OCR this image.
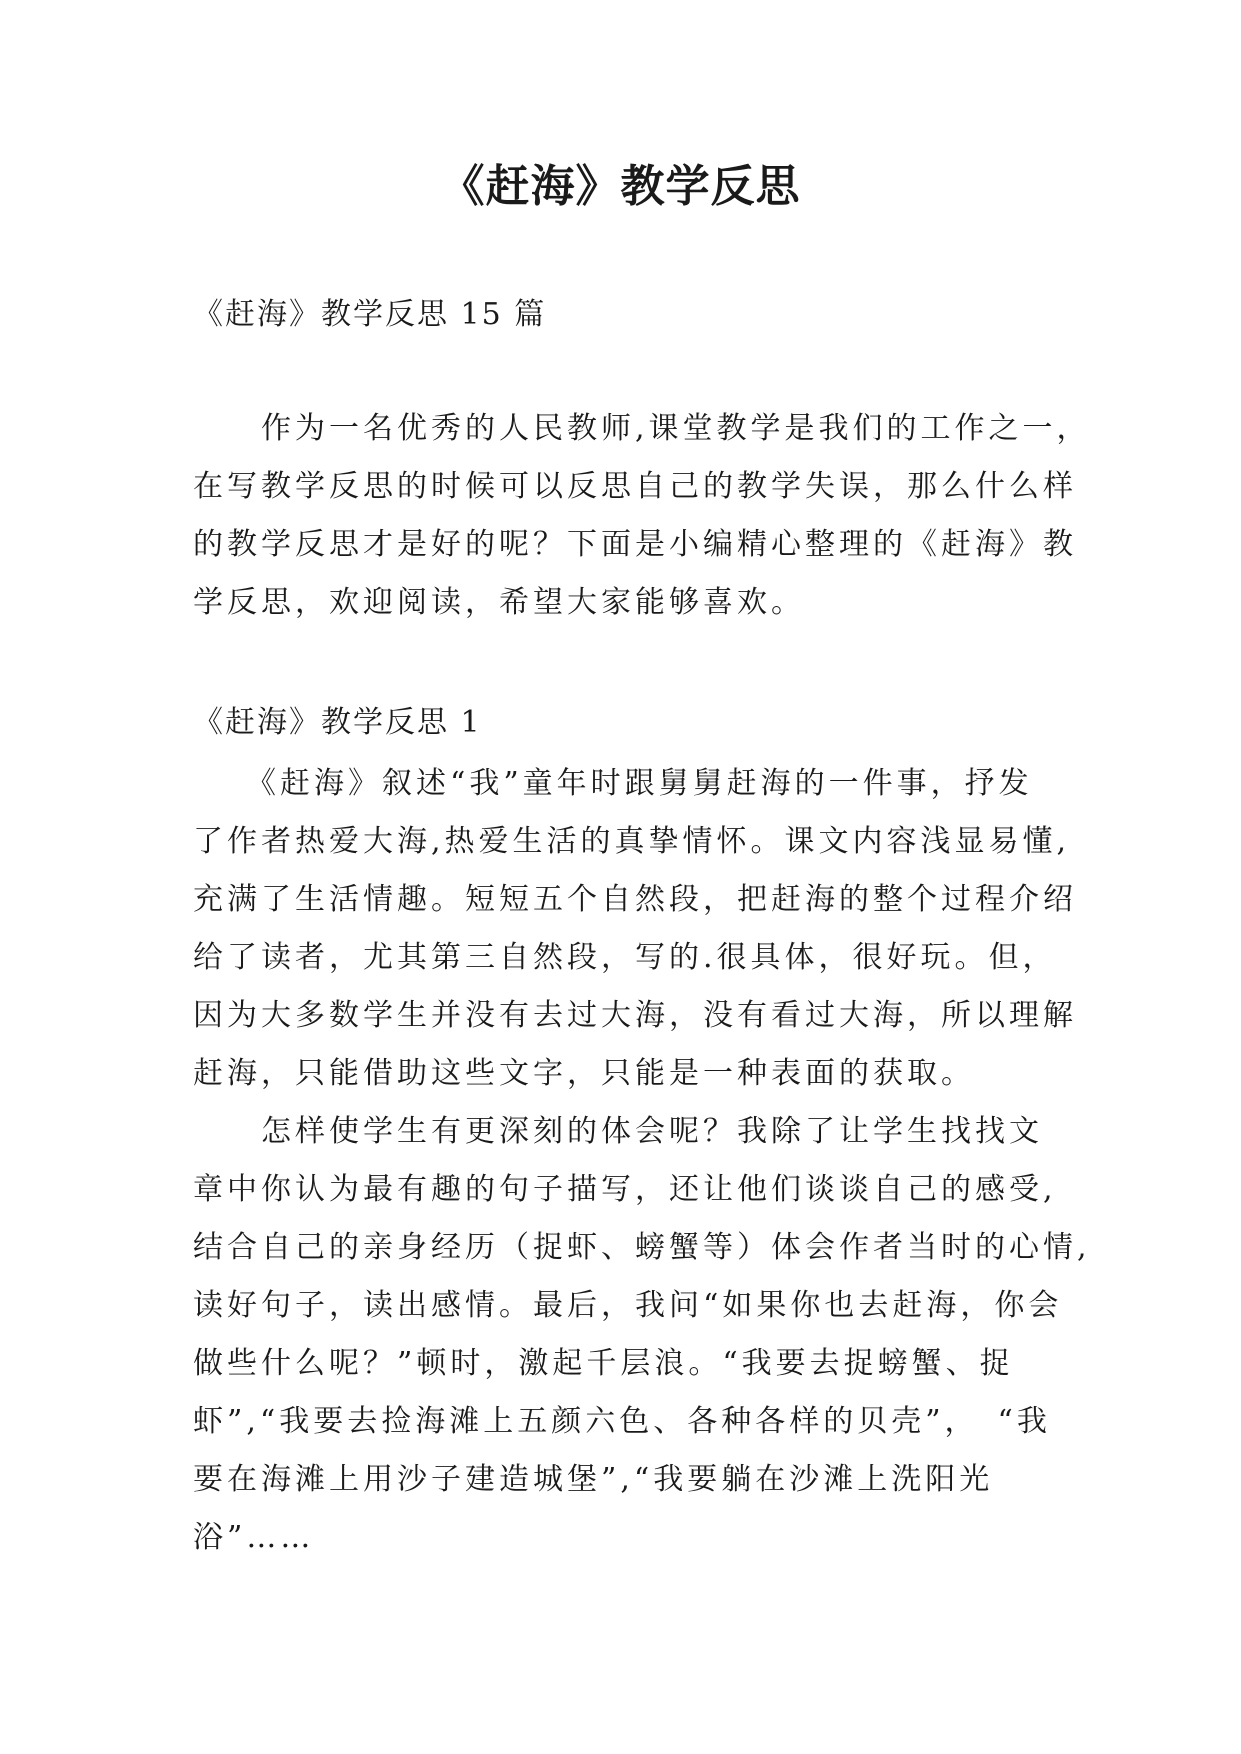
《赶海》教学反思
《赶海》教学反思 15 篇
　　作为一名优秀的人民教师,课堂教学是我们的工作之一，
在写教学反思的时候可以反思自己的教学失误，那么什么样
的教学反思才是好的呢？下面是小编精心整理的《赶海》教
学反思，欢迎阅读，希望大家能够喜欢。
《赶海》教学反思 1
　　《赶海》叙述“我”童年时跟舅舅赶海的一件事，抒发
了作者热爱大海,热爱生活的真挚情怀。课文内容浅显易懂,
充满了生活情趣。短短五个自然段，把赶海的整个过程介绍
给了读者，尤其第三自然段，写的.很具体，很好玩。但，
因为大多数学生并没有去过大海，没有看过大海，所以理解
赶海，只能借助这些文字，只能是一种表面的获取。
　　怎样使学生有更深刻的体会呢？我除了让学生找找文
章中你认为最有趣的句子描写，还让他们谈谈自己的感受,
结合自己的亲身经历（捉虾、螃蟹等）体会作者当时的心情,
读好句子，读出感情。最后，我问“如果你也去赶海，你会
做些什么呢？”顿时，激起千层浪。“我要去捉螃蟹、捉
虾”,“我要去捡海滩上五颜六色、各种各样的贝壳”，　“我
要在海滩上用沙子建造城堡”,“我要躺在沙滩上洗阳光
浴”……
